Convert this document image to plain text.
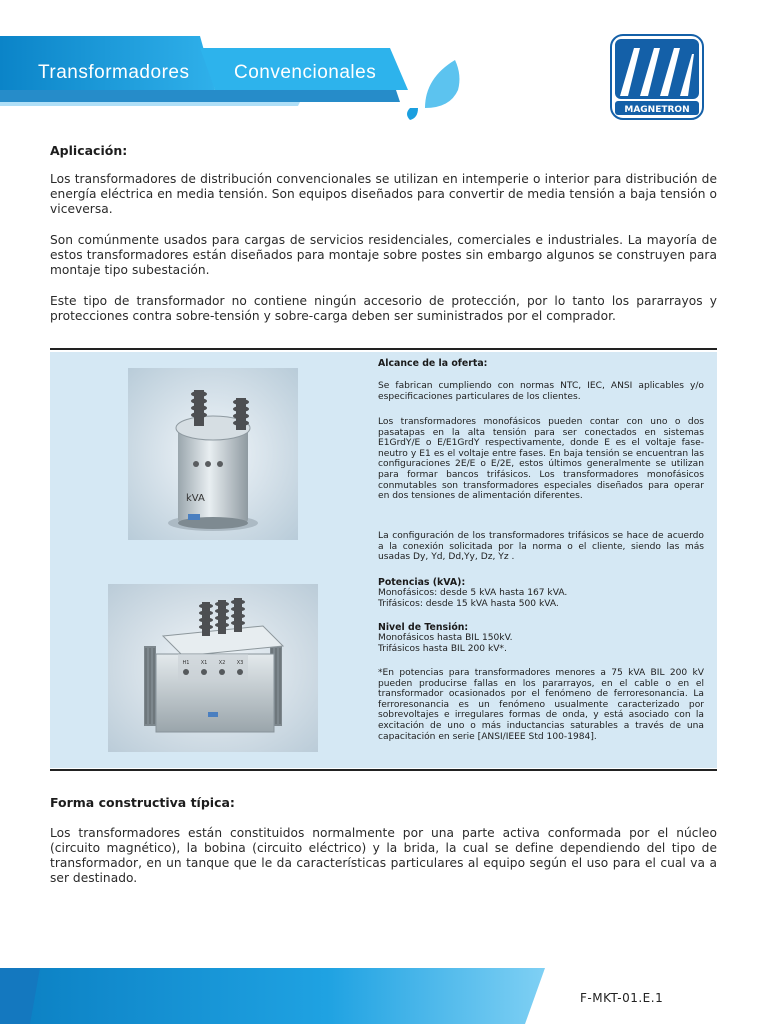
Transformadores Convencionales
MAGNETRON
Aplicación:
Los transformadores de distribución convencionales se utilizan en intemperie o interior para distribución de energía eléctrica en media tensión. Son equipos diseñados para convertir de media tensión a baja tensión o viceversa.
Son comúnmente usados para cargas de servicios residenciales, comerciales e industriales. La mayoría de estos transformadores están diseñados para montaje sobre postes sin embargo algunos se construyen para montaje tipo subestación.
Este tipo de transformador no contiene ningún accesorio de protección, por lo tanto los pararrayos y protecciones contra sobre-tensión y sobre-carga deben ser suministrados por el comprador.
kVA
H1 X1 X2 X3
Alcance de la oferta:
Se fabrican cumpliendo con normas NTC, IEC, ANSI aplicables y/o especificaciones particulares de los clientes.
Los transformadores monofásicos pueden contar con uno o dos pasatapas en la alta tensión para ser conectados en sistemas E1GrdY/E o E/E1GrdY respectivamente, donde E es el voltaje fase-neutro y E1 es el voltaje entre fases. En baja tensión se encuentran las configuraciones 2E/E o E/2E, estos últimos generalmente se utilizan para formar bancos trifásicos. Los transformadores monofásicos conmutables son transformadores especiales diseñados para operar en dos tensiones de alimentación diferentes.
La configuración de los transformadores trifásicos se hace de acuerdo a la conexión solicitada por la norma o el cliente, siendo las más usadas Dy, Yd, Dd,Yy, Dz, Yz .
Potencias (kVA):
Monofásicos: desde 5 kVA hasta 167 kVA.
Trifásicos: desde 15 kVA hasta 500 kVA.
Nivel de Tensión:
Monofásicos hasta BIL 150kV.
Trifásicos hasta BIL 200 kV*.
*En potencias para transformadores menores a 75 kVA BIL 200 kV pueden producirse fallas en los pararrayos, en el cable o en el transformador ocasionados por el fenómeno de ferroresonancia. La ferroresonancia es un fenómeno usualmente caracterizado por sobrevoltajes e irregulares formas de onda, y está asociado con la excitación de uno o más inductancias saturables a través de una capacitación en serie [ANSI/IEEE Std 100-1984].
Forma constructiva típica:
Los transformadores están constituidos normalmente por una parte activa conformada por el núcleo (circuito magnético), la bobina (circuito eléctrico) y la brida, la cual se define dependiendo del tipo de transformador, en un tanque que le da características particulares al equipo según el uso para el cual va a ser destinado.
F-MKT-01.E.1
